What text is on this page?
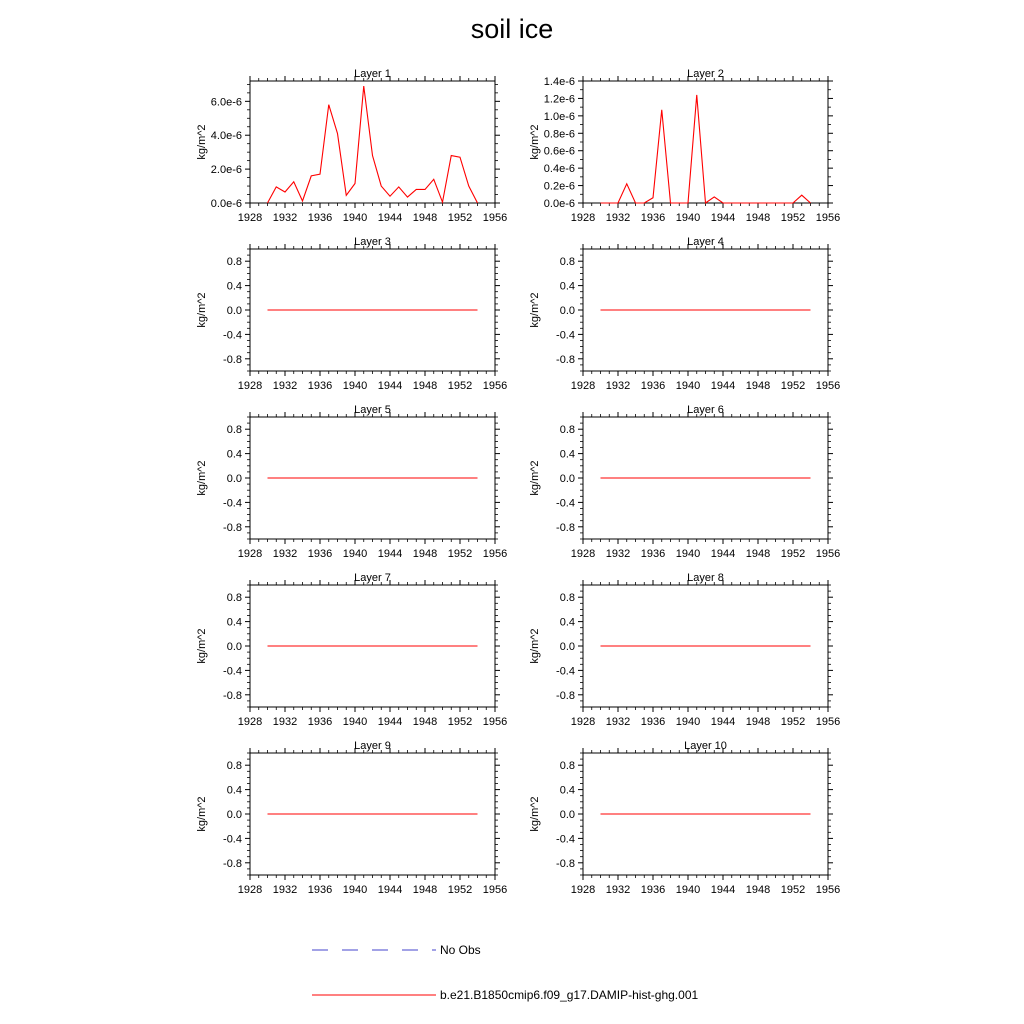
soil ice
Layer 1
kg/m^2
1928 1932 1936 1940 1944 1948 1952 1956
0.0e-6
2.0e-6
4.0e-6
6.0e-6
Layer 2
kg/m^2
1928 1932 1936 1940 1944 1948 1952 1956
0.0e-6
0.2e-6
0.4e-6
0.6e-6
0.8e-6
1.0e-6
1.2e-6
1.4e-6
Layer 3
kg/m^2
1928 1932 1936 1940 1944 1948 1952 1956
-0.8
-0.4
0.0
0.4
0.8
Layer 4
kg/m^2
1928 1932 1936 1940 1944 1948 1952 1956
-0.8
-0.4
0.0
0.4
0.8
Layer 5
kg/m^2
1928 1932 1936 1940 1944 1948 1952 1956
-0.8
-0.4
0.0
0.4
0.8
Layer 6
kg/m^2
1928 1932 1936 1940 1944 1948 1952 1956
-0.8
-0.4
0.0
0.4
0.8
Layer 7
kg/m^2
1928 1932 1936 1940 1944 1948 1952 1956
-0.8
-0.4
0.0
0.4
0.8
Layer 8
kg/m^2
1928 1932 1936 1940 1944 1948 1952 1956
-0.8
-0.4
0.0
0.4
0.8
Layer 9
kg/m^2
1928 1932 1936 1940 1944 1948 1952 1956
-0.8
-0.4
0.0
0.4
0.8
Layer 10
kg/m^2
1928 1932 1936 1940 1944 1948 1952 1956
-0.8
-0.4
0.0
0.4
0.8
No Obs
b.e21.B1850cmip6.f09_g17.DAMIP-hist-ghg.001
